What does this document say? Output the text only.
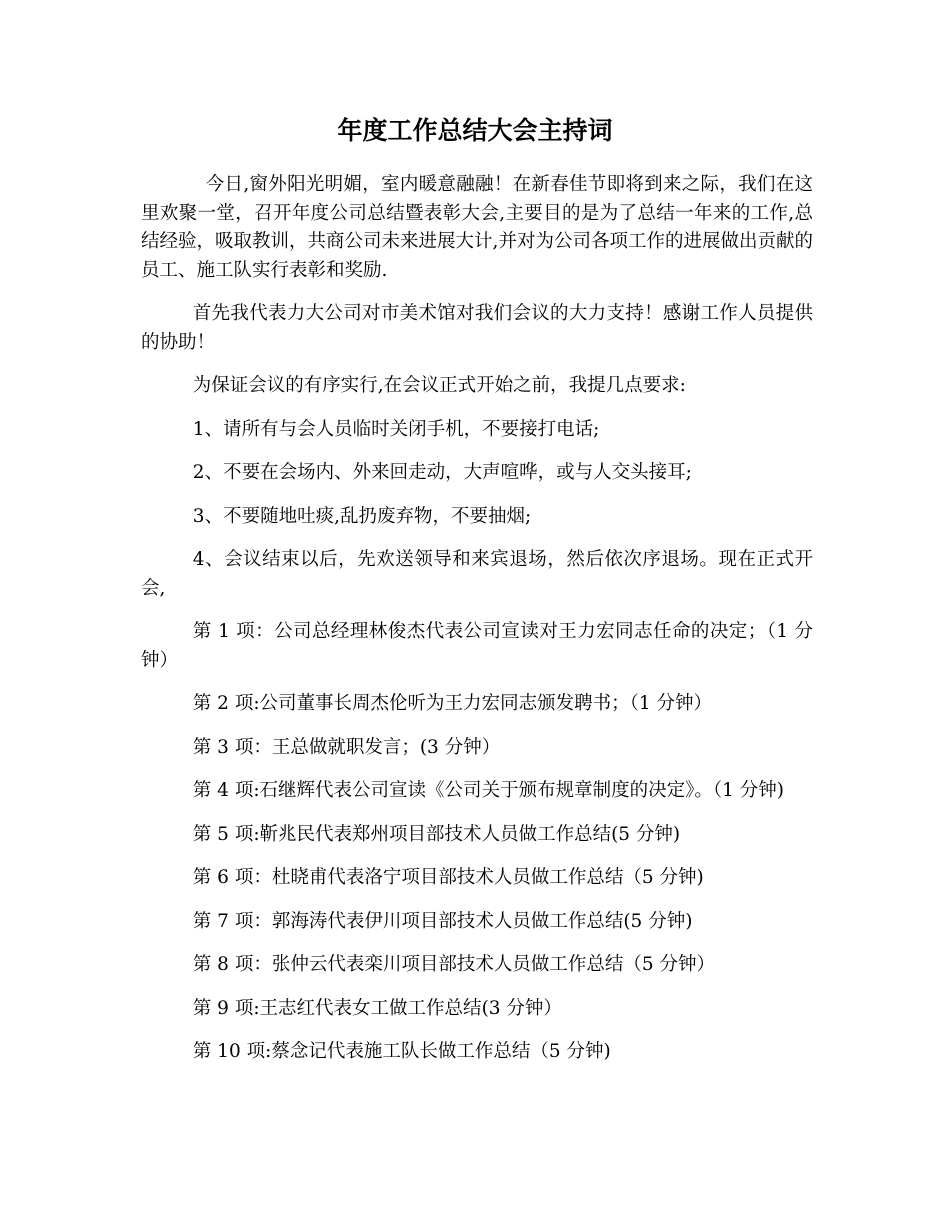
年度工作总结大会主持词

今日,窗外阳光明媚，室内暖意融融！在新春佳节即将到来之际，我们在这里欢聚一堂，召开年度公司总结暨表彰大会,主要目的是为了总结一年来的工作,总结经验，吸取教训，共商公司未来进展大计,并对为公司各项工作的进展做出贡献的员工、施工队实行表彰和奖励.

首先我代表力大公司对市美术馆对我们会议的大力支持！感谢工作人员提供的协助！

为保证会议的有序实行,在会议正式开始之前，我提几点要求:

1、请所有与会人员临时关闭手机，不要接打电话;

2、不要在会场内、外来回走动，大声喧哗，或与人交头接耳;

3、不要随地吐痰,乱扔废弃物，不要抽烟;

4、会议结束以后，先欢送领导和来宾退场，然后依次序退场。现在正式开会,

第 1 项：公司总经理林俊杰代表公司宣读对王力宏同志任命的决定；（1 分钟）

第 2 项:公司董事长周杰伦听为王力宏同志颁发聘书；（1 分钟）

第 3 项：王总做就职发言；(3 分钟）

第 4 项:石继辉代表公司宣读《公司关于颁布规章制度的决定》。（1 分钟)

第 5 项:靳兆民代表郑州项目部技术人员做工作总结(5 分钟)

第 6 项：杜晓甫代表洛宁项目部技术人员做工作总结（5 分钟)

第 7 项：郭海涛代表伊川项目部技术人员做工作总结(5 分钟)

第 8 项：张仲云代表栾川项目部技术人员做工作总结（5 分钟）

第 9 项:王志红代表女工做工作总结(3 分钟）

第 10 项:蔡念记代表施工队长做工作总结（5 分钟)
